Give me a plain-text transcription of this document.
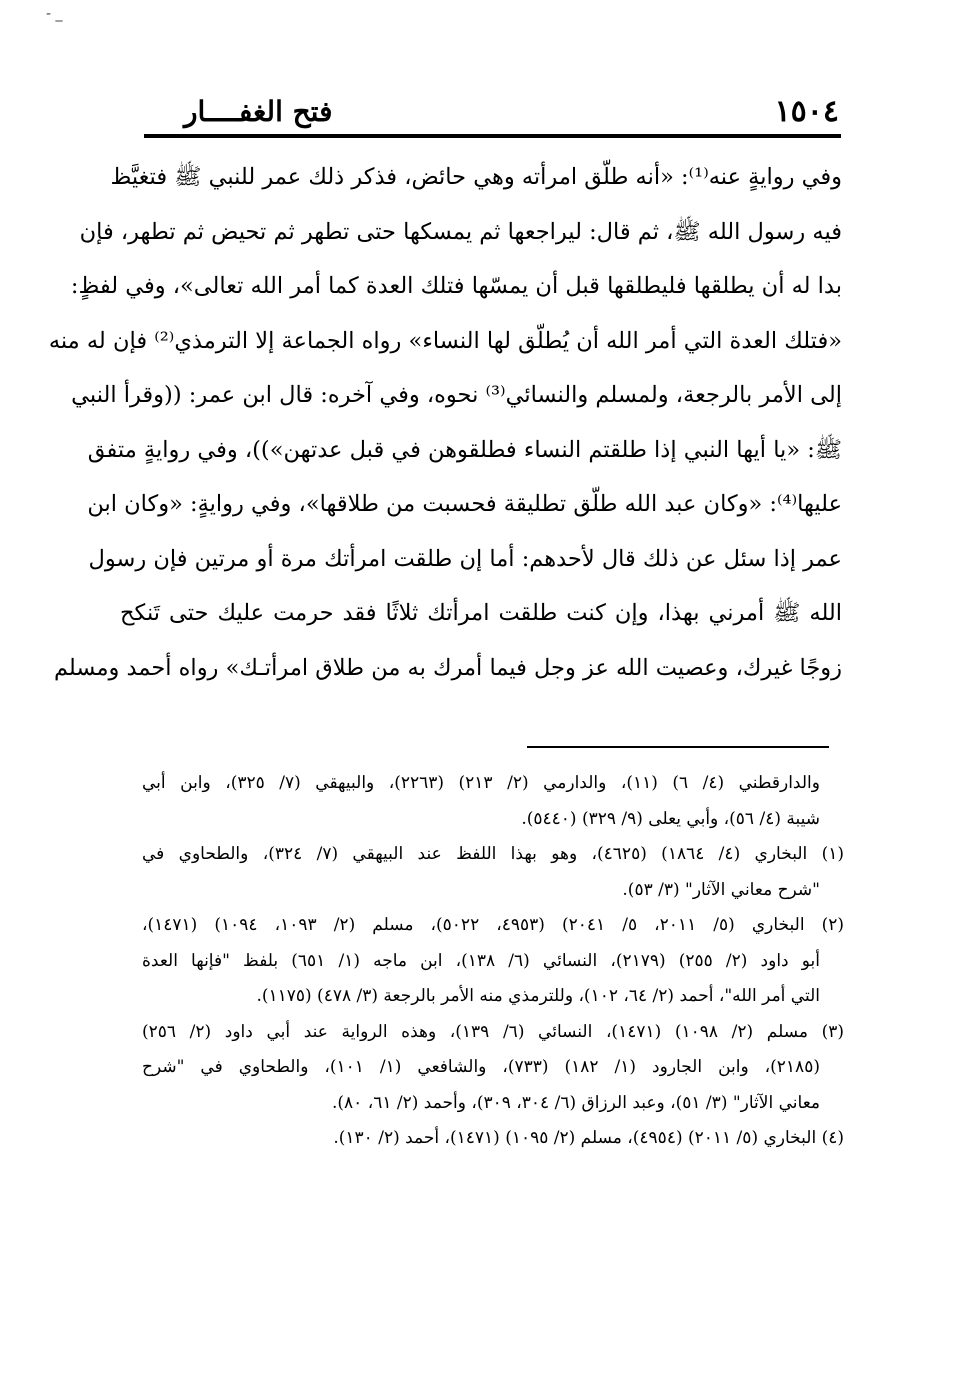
- _
١٥٠٤
فتح الغفــــار
وفي روايةٍ عنه⁽¹⁾: «أنه طلّق امرأته وهي حائض، فذكر ذلك عمر للنبي ﷺ فتغيَّظ
فيه رسول الله ﷺ، ثم قال: ليراجعها ثم يمسكها حتى تطهر ثم تحيض ثم تطهر، فإن
بدا له أن يطلقها فليطلقها قبل أن يمسّها فتلك العدة كما أمر الله تعالى»، وفي لفظٍ:
«فتلك العدة التي أمر الله أن يُطلّق لها النساء» رواه الجماعة إلا الترمذي⁽²⁾ فإن له منه
إلى الأمر بالرجعة، ولمسلم والنسائي⁽³⁾ نحوه، وفي آخره: قال ابن عمر: ((وقرأ النبي
ﷺ: «يا أيها النبي إذا طلقتم النساء فطلقوهن في قبل عدتهن»))، وفي روايةٍ متفق
عليها⁽⁴⁾: «وكان عبد الله طلّق تطليقة فحسبت من طلاقها»، وفي روايةٍ: «وكان ابن
عمر إذا سئل عن ذلك قال لأحدهم: أما إن طلقت امرأتك مرة أو مرتين فإن رسول
الله ﷺ أمرني بهذا، وإن كنت طلقت امرأتك ثلاثًا فقد حرمت عليك حتى تَنكح
زوجًا غيرك، وعصيت الله عز وجل فيما أمرك به من طلاق امرأتـك» رواه أحمد ومسلم
والدارقطني (٤/ ٦) (١١)، والدارمي (٢/ ٢١٣) (٢٢٦٣)، والبيهقي (٧/ ٣٢٥)، وابن أبي
شيبة (٤/ ٥٦)، وأبي يعلى (٩/ ٣٢٩) (٥٤٤٠).
(١) البخاري (٤/ ١٨٦٤) (٤٦٢٥)، وهو بهذا اللفظ عند البيهقي (٧/ ٣٢٤)، والطحاوي في
"شرح معاني الآثار" (٣/ ٥٣).
(٢) البخاري (٥/ ٢٠١١، ٥/ ٢٠٤١) (٤٩٥٣، ٥٠٢٢)، مسلم (٢/ ١٠٩٣، ١٠٩٤) (١٤٧١)،
أبو داود (٢/ ٢٥٥) (٢١٧٩)، النسائي (٦/ ١٣٨)، ابن ماجه (١/ ٦٥١) بلفظ "فإنها العدة
التي أمر الله"، أحمد (٢/ ٦٤، ١٠٢)، وللترمذي منه الأمر بالرجعة (٣/ ٤٧٨) (١١٧٥).
(٣) مسلم (٢/ ١٠٩٨) (١٤٧١)، النسائي (٦/ ١٣٩)، وهذه الرواية عند أبي داود (٢/ ٢٥٦)
(٢١٨٥)، وابن الجارود (١/ ١٨٢) (٧٣٣)، والشافعي (١/ ١٠١)، والطحاوي في "شرح
معاني الآثار" (٣/ ٥١)، وعبد الرزاق (٦/ ٣٠٤، ٣٠٩)، وأحمد (٢/ ٦١، ٨٠).
(٤) البخاري (٥/ ٢٠١١) (٤٩٥٤)، مسلم (٢/ ١٠٩٥) (١٤٧١)، أحمد (٢/ ١٣٠).
